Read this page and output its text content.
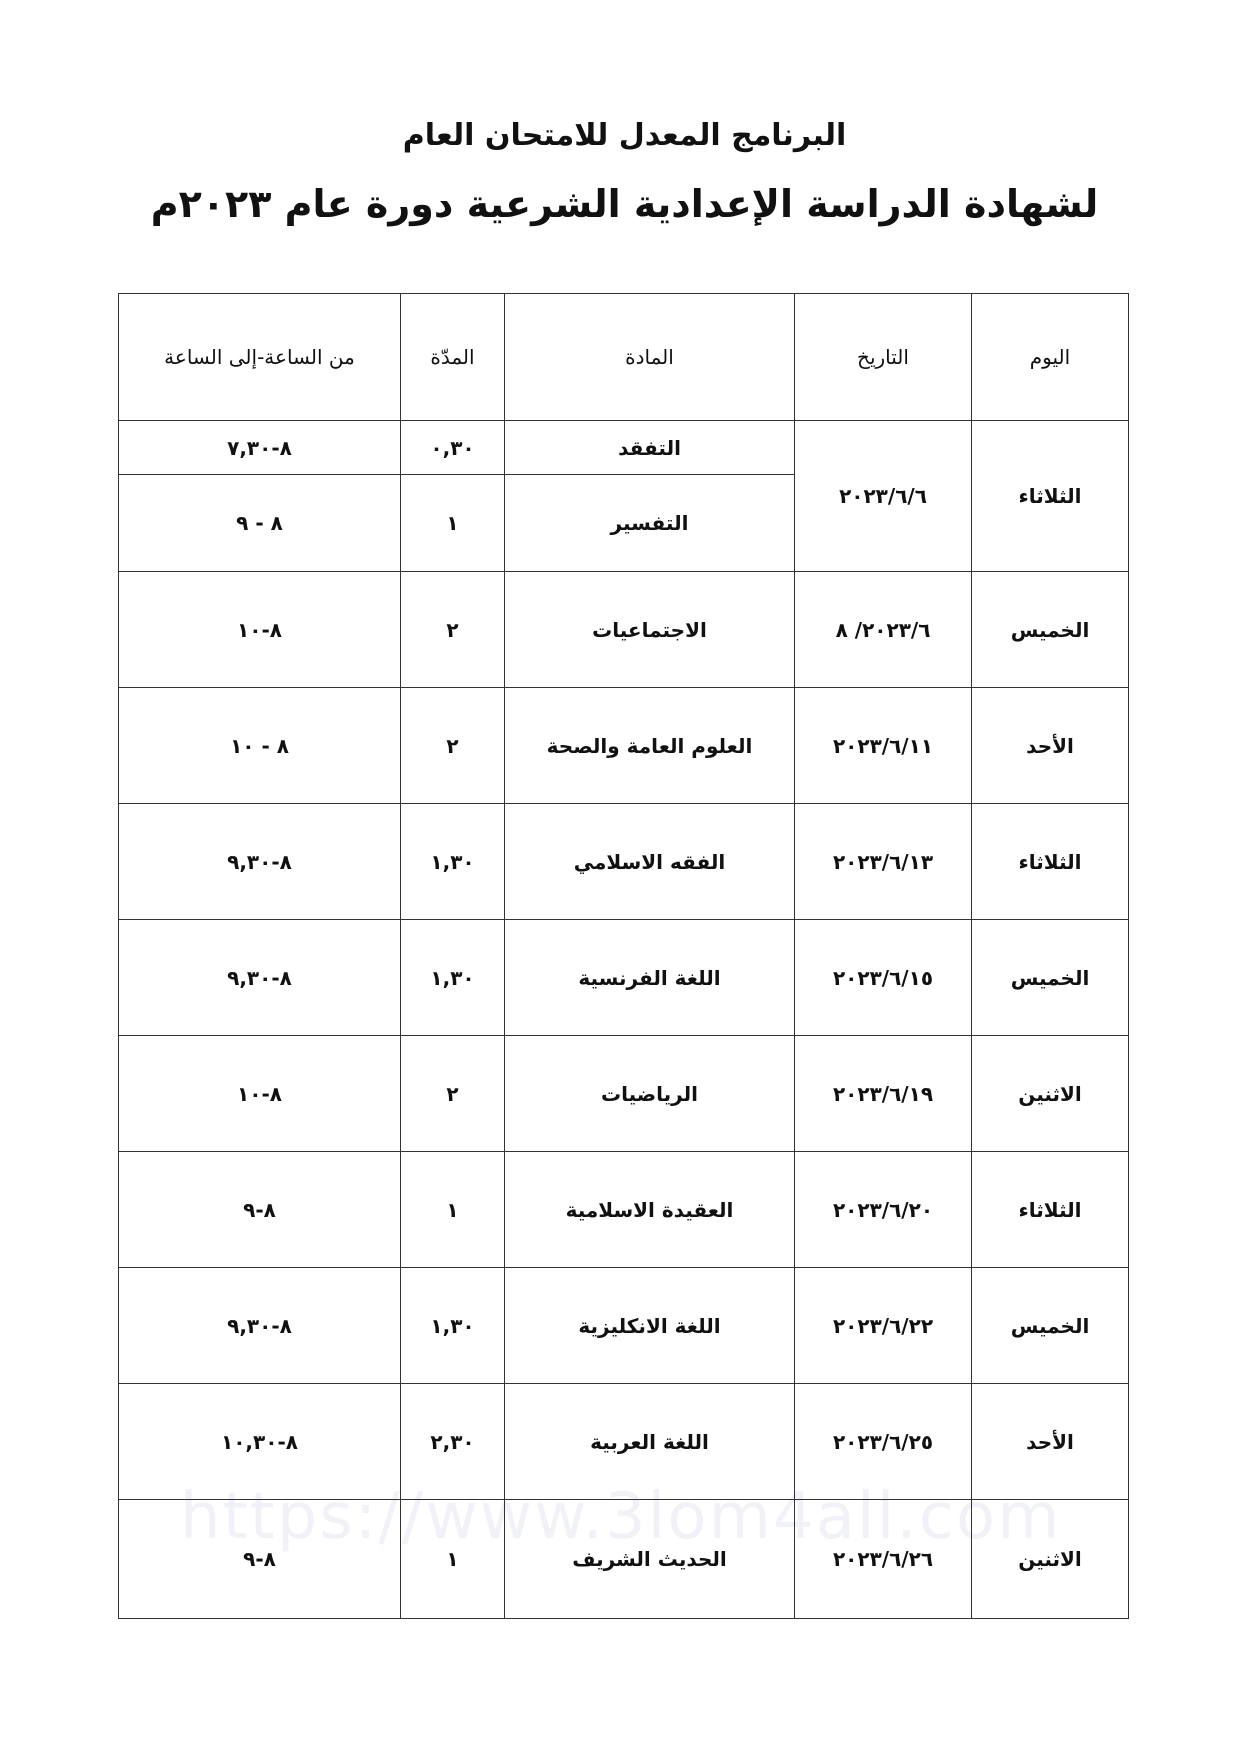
البرنامج المعدل للامتحان العام
لشهادة الدراسة الإعدادية الشرعية دورة عام ٢٠٢٣م
https://www.3lom4all.com
اليوم	التاريخ	المادة	المدّة	من الساعة-إلى الساعة
الثلاثاء	٢٠٢٣/٦/٦	التفقد	٠,٣٠	٨-٧,٣٠
		التفسير	١	٨ - ٩
الخميس	٢٠٢٣/٦/ ٨	الاجتماعيات	٢	٨-١٠
الأحد	٢٠٢٣/٦/١١	العلوم العامة والصحة	٢	٨ - ١٠
الثلاثاء	٢٠٢٣/٦/١٣	الفقه الاسلامي	١,٣٠	٨-٩,٣٠
الخميس	٢٠٢٣/٦/١٥	اللغة الفرنسية	١,٣٠	٨-٩,٣٠
الاثنين	٢٠٢٣/٦/١٩	الرياضيات	٢	٨-١٠
الثلاثاء	٢٠٢٣/٦/٢٠	العقيدة الاسلامية	١	٨-٩
الخميس	٢٠٢٣/٦/٢٢	اللغة الانكليزية	١,٣٠	٨-٩,٣٠
الأحد	٢٠٢٣/٦/٢٥	اللغة العربية	٢,٣٠	٨-١٠,٣٠
الاثنين	٢٠٢٣/٦/٢٦	الحديث الشريف	١	٨-٩
